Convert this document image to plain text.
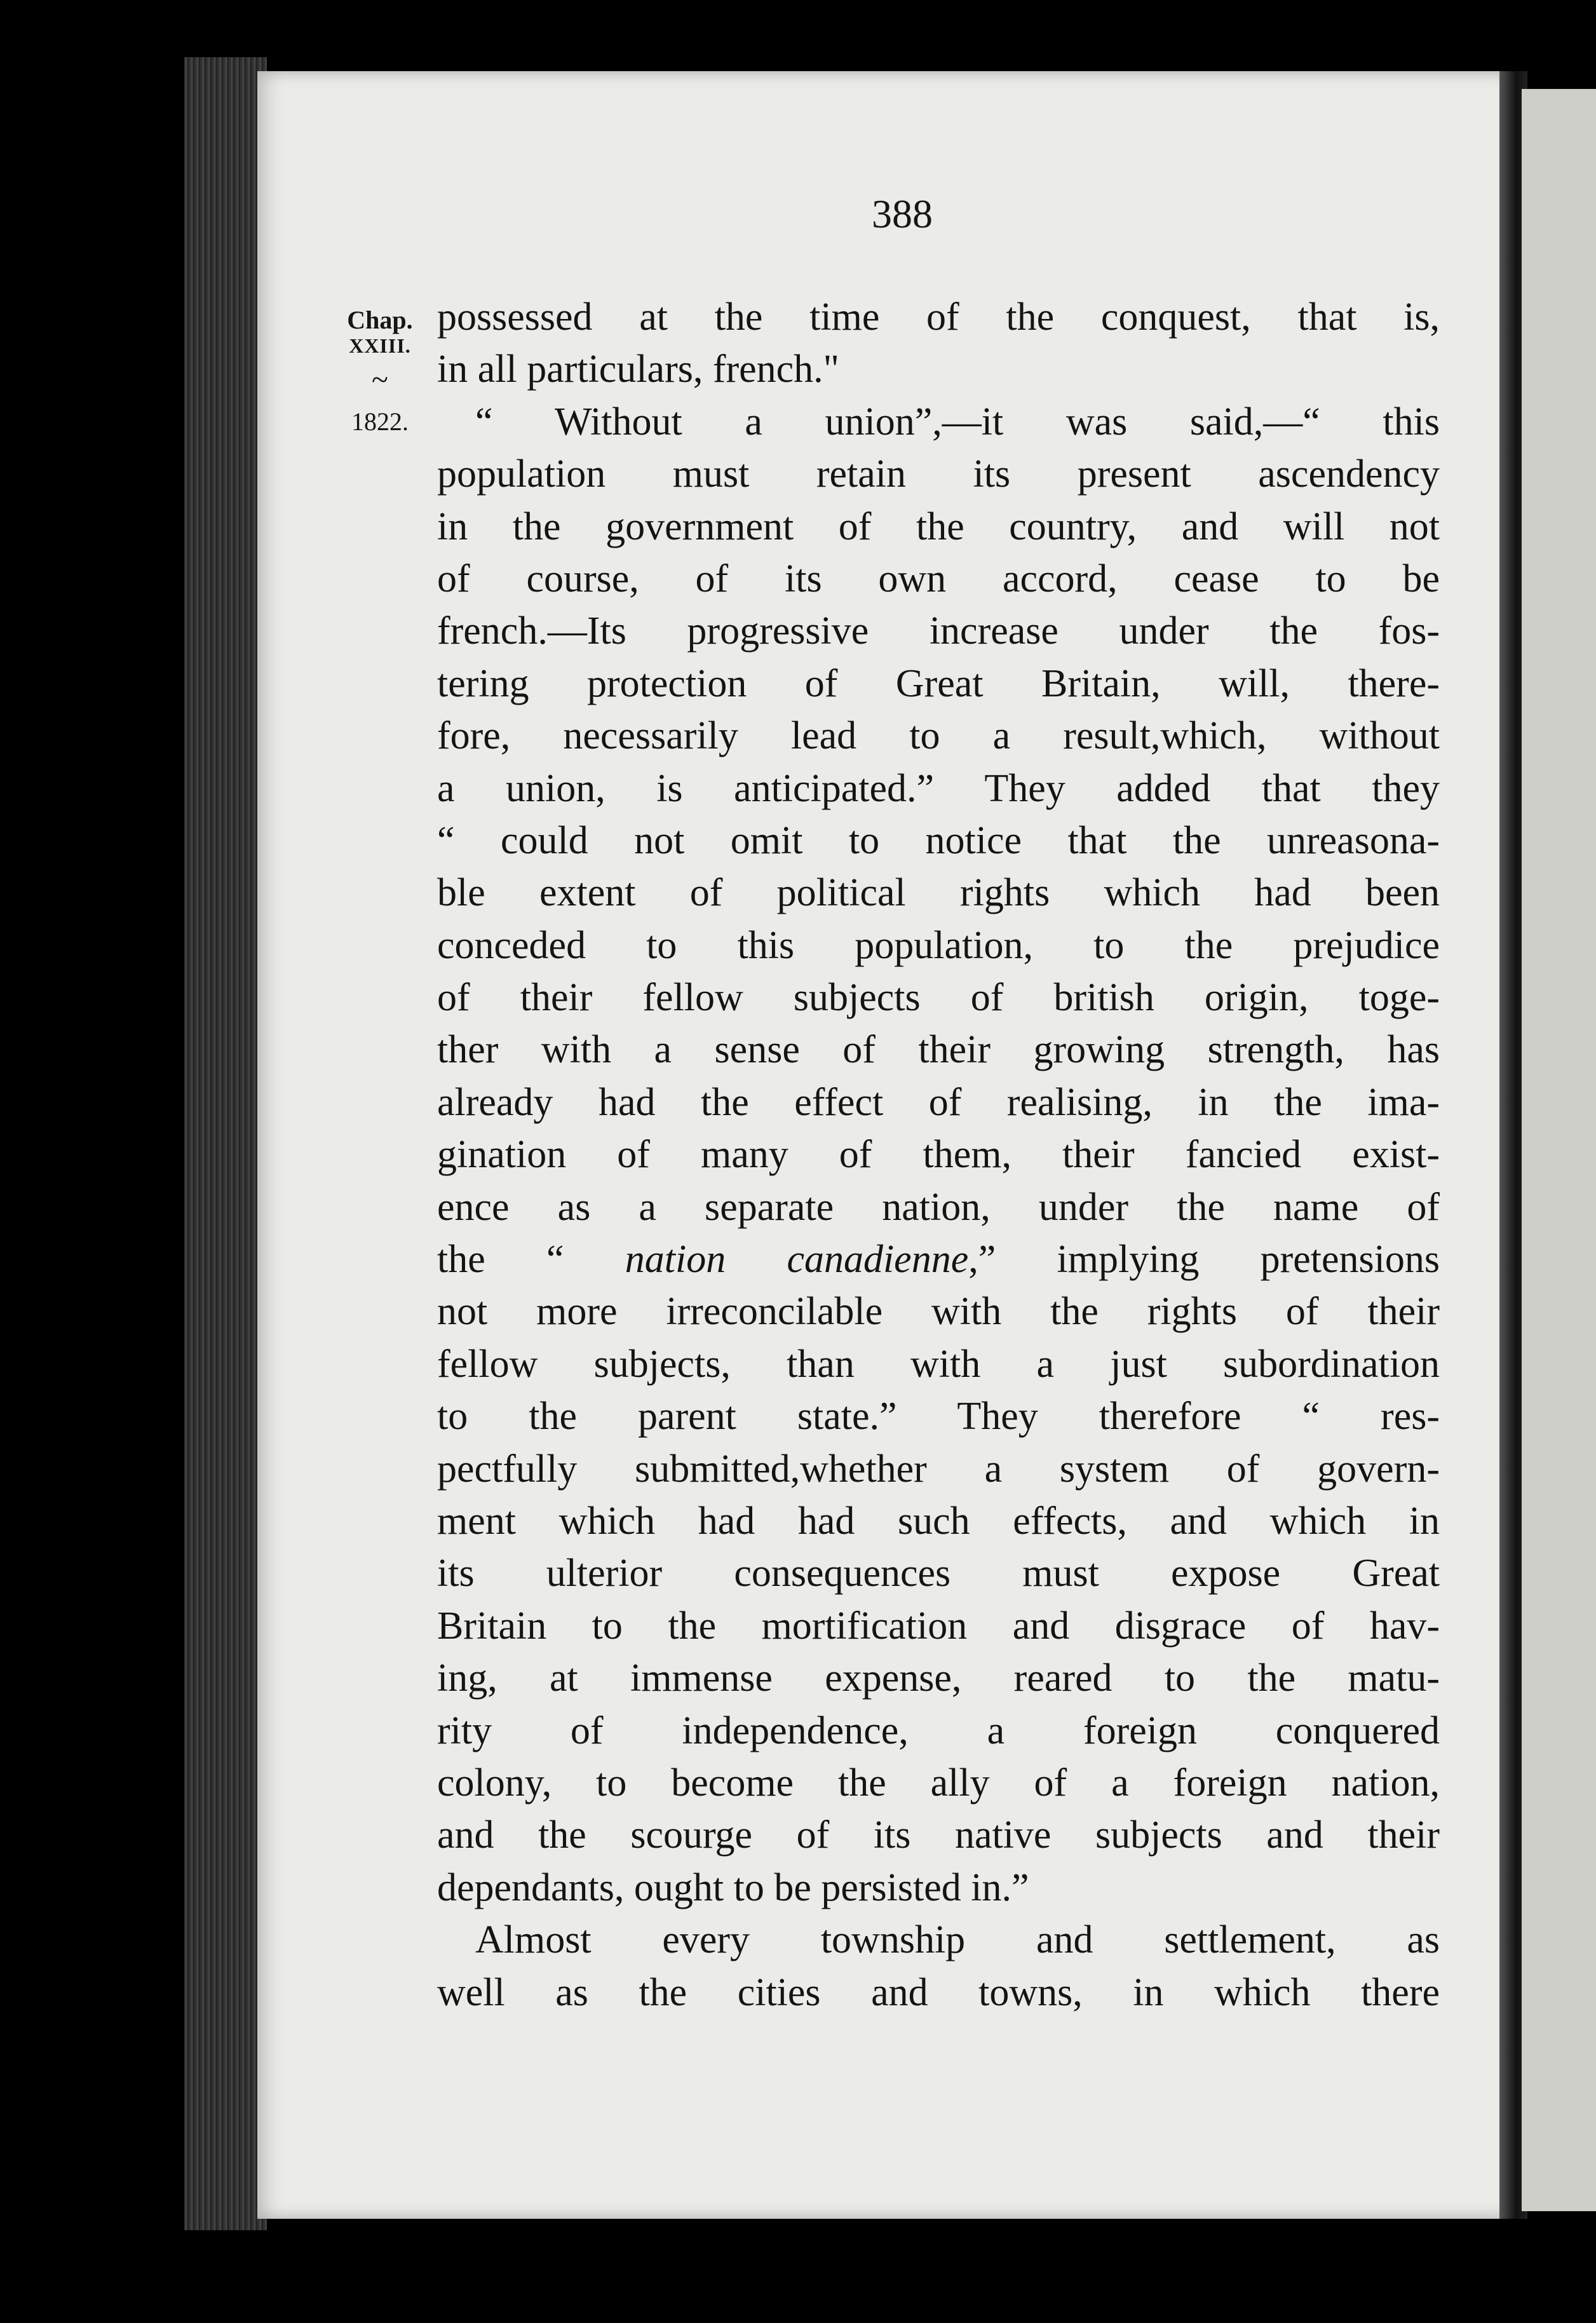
388
Chap.
XXIII.
~
1822.
possessed at the time of the conquest, that is,
in all particulars, french."
“ Without a union”,—it was said,—“ this
population must retain its present ascendency
in the government of the country, and will not
of course, of its own accord, cease to be
french.—Its progressive increase under the fos-
tering protection of Great Britain, will, there-
fore, necessarily lead to a result,which, without
a union, is anticipated.” They added that they
“ could not omit to notice that the unreasona-
ble extent of political rights which had been
conceded to this population, to the prejudice
of their fellow subjects of british origin, toge-
ther with a sense of their growing strength, has
already had the effect of realising, in the ima-
gination of many of them, their fancied exist-
ence as a separate nation, under the name of
the “ nation canadienne,” implying pretensions
not more irreconcilable with the rights of their
fellow subjects, than with a just subordination
to the parent state.” They therefore “ res-
pectfully submitted,whether a system of govern-
ment which had had such effects, and which in
its ulterior consequences must expose Great
Britain to the mortification and disgrace of hav-
ing, at immense expense, reared to the matu-
rity of independence, a foreign conquered
colony, to become the ally of a foreign nation,
and the scourge of its native subjects and their
dependants, ought to be persisted in.”
Almost every township and settlement, as
well as the cities and towns, in which there
